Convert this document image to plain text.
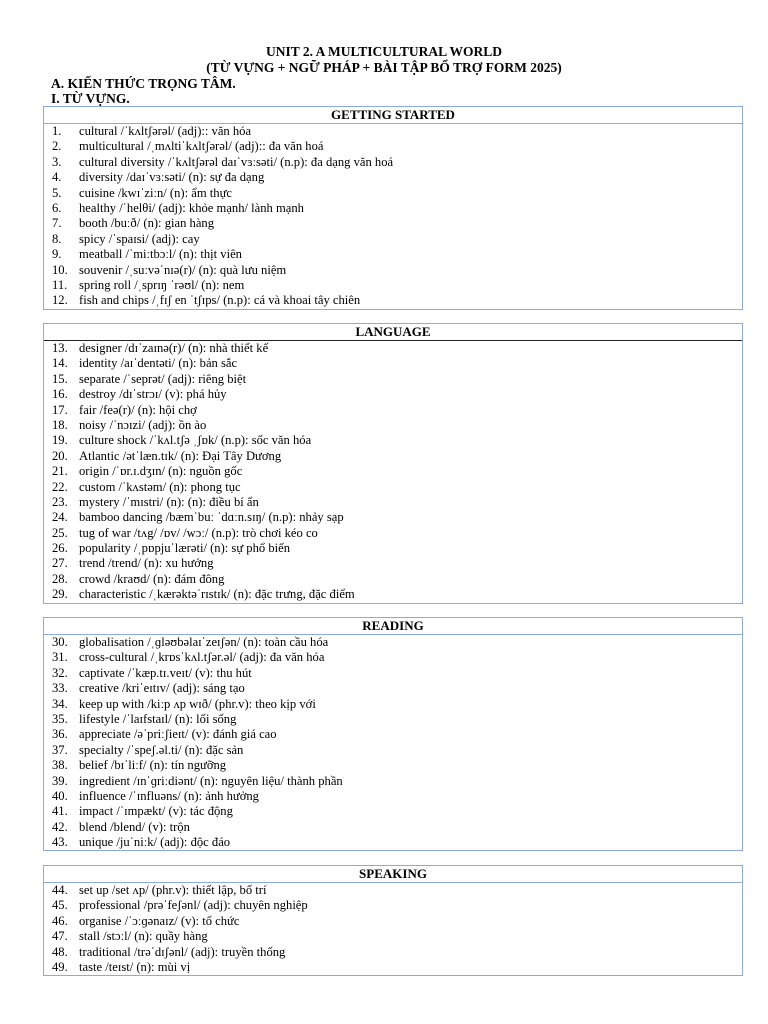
UNIT 2. A MULTICULTURAL WORLD
(TỪ VỰNG + NGỮ PHÁP + BÀI TẬP BỔ TRỢ FORM 2025)
A. KIẾN THỨC TRỌNG TÂM.
I. TỪ VỰNG.
GETTING STARTED
1. cultural /ˈkʌltʃərəl/ (adj):: văn hóa
2. multicultural /ˌmʌltiˈkʌltʃərəl/ (adj):: đa văn hoá
3. cultural diversity /ˈkʌltʃərəl daɪˈvɜːsəti/ (n.p): đa dạng văn hoá
4. diversity /daɪˈvɜːsəti/ (n): sự đa dạng
5. cuisine /kwɪˈziːn/ (n): ẩm thực
6. healthy /ˈhelθi/ (adj): khỏe mạnh/ lành mạnh
7. booth /buːð/ (n): gian hàng
8. spicy /ˈspaɪsi/ (adj): cay
9. meatball /ˈmiːtbɔːl/ (n): thịt viên
10. souvenir /ˌsuːvəˈnɪə(r)/ (n): quà lưu niệm
11. spring roll /ˌsprɪŋ ˈrəʊl/ (n): nem
12. fish and chips /ˌfɪʃ en ˈtʃɪps/ (n.p): cá và khoai tây chiên
LANGUAGE
13. designer /dɪˈzaɪnə(r)/ (n): nhà thiết kế
14. identity /aɪˈdentəti/ (n): bản sắc
15. separate /ˈseprət/ (adj): riêng biệt
16. destroy /dɪˈstrɔɪ/ (v): phá hủy
17. fair /feə(r)/ (n): hội chợ
18. noisy /ˈnɔɪzi/ (adj): ồn ào
19. culture shock /ˈkʌl.tʃə ˌʃɒk/ (n.p): sốc văn hóa
20. Atlantic /ətˈlæn.tɪk/ (n): Đại Tây Dương
21. origin /ˈɒr.ɪ.dʒɪn/ (n): nguồn gốc
22. custom /ˈkʌstəm/ (n): phong tục
23. mystery /ˈmɪstri/ (n): (n): điều bí ẩn
24. bamboo dancing /bæmˈbuː ˈdɑːn.sɪŋ/ (n.p): nhảy sạp
25. tug of war /tʌg/ /ɒv/ /wɔː/ (n.p): trò chơi kéo co
26. popularity /ˌpɒpjuˈlærəti/ (n): sự phổ biến
27. trend /trend/ (n): xu hướng
28. crowd /kraʊd/ (n): đám đông
29. characteristic /ˌkærəktəˈrɪstɪk/ (n): đặc trưng, đặc điểm
READING
30. globalisation /ˌɡləʊbəlaɪˈzeɪʃən/ (n): toàn cầu hóa
31. cross-cultural /ˌkrɒsˈkʌl.tʃər.əl/ (adj): đa văn hóa
32. captivate /ˈkæp.tɪ.veɪt/ (v): thu hút
33. creative /kriˈeɪtɪv/ (adj): sáng tạo
34. keep up with /kiːp ʌp wɪð/ (phr.v): theo kịp với
35. lifestyle /ˈlaɪfstaɪl/ (n): lối sống
36. appreciate /əˈpriːʃieɪt/ (v): đánh giá cao
37. specialty /ˈspeʃ.əl.ti/ (n): đặc sản
38. belief /bɪˈliːf/ (n): tín ngưỡng
39. ingredient /ɪnˈɡriːdiənt/ (n): nguyên liệu/ thành phần
40. influence /ˈɪnfluəns/ (n): ảnh hưởng
41. impact /ˈɪmpækt/ (v): tác động
42. blend /blend/ (v): trộn
43. unique /juˈniːk/ (adj): độc đáo
SPEAKING
44. set up /set ʌp/ (phr.v): thiết lập, bố trí
45. professional /prəˈfeʃənl/ (adj): chuyên nghiệp
46. organise /ˈɔːɡənaɪz/ (v): tổ chức
47. stall /stɔːl/ (n): quầy hàng
48. traditional /trəˈdɪʃənl/ (adj): truyền thống
49. taste /teɪst/ (n): mùi vị
